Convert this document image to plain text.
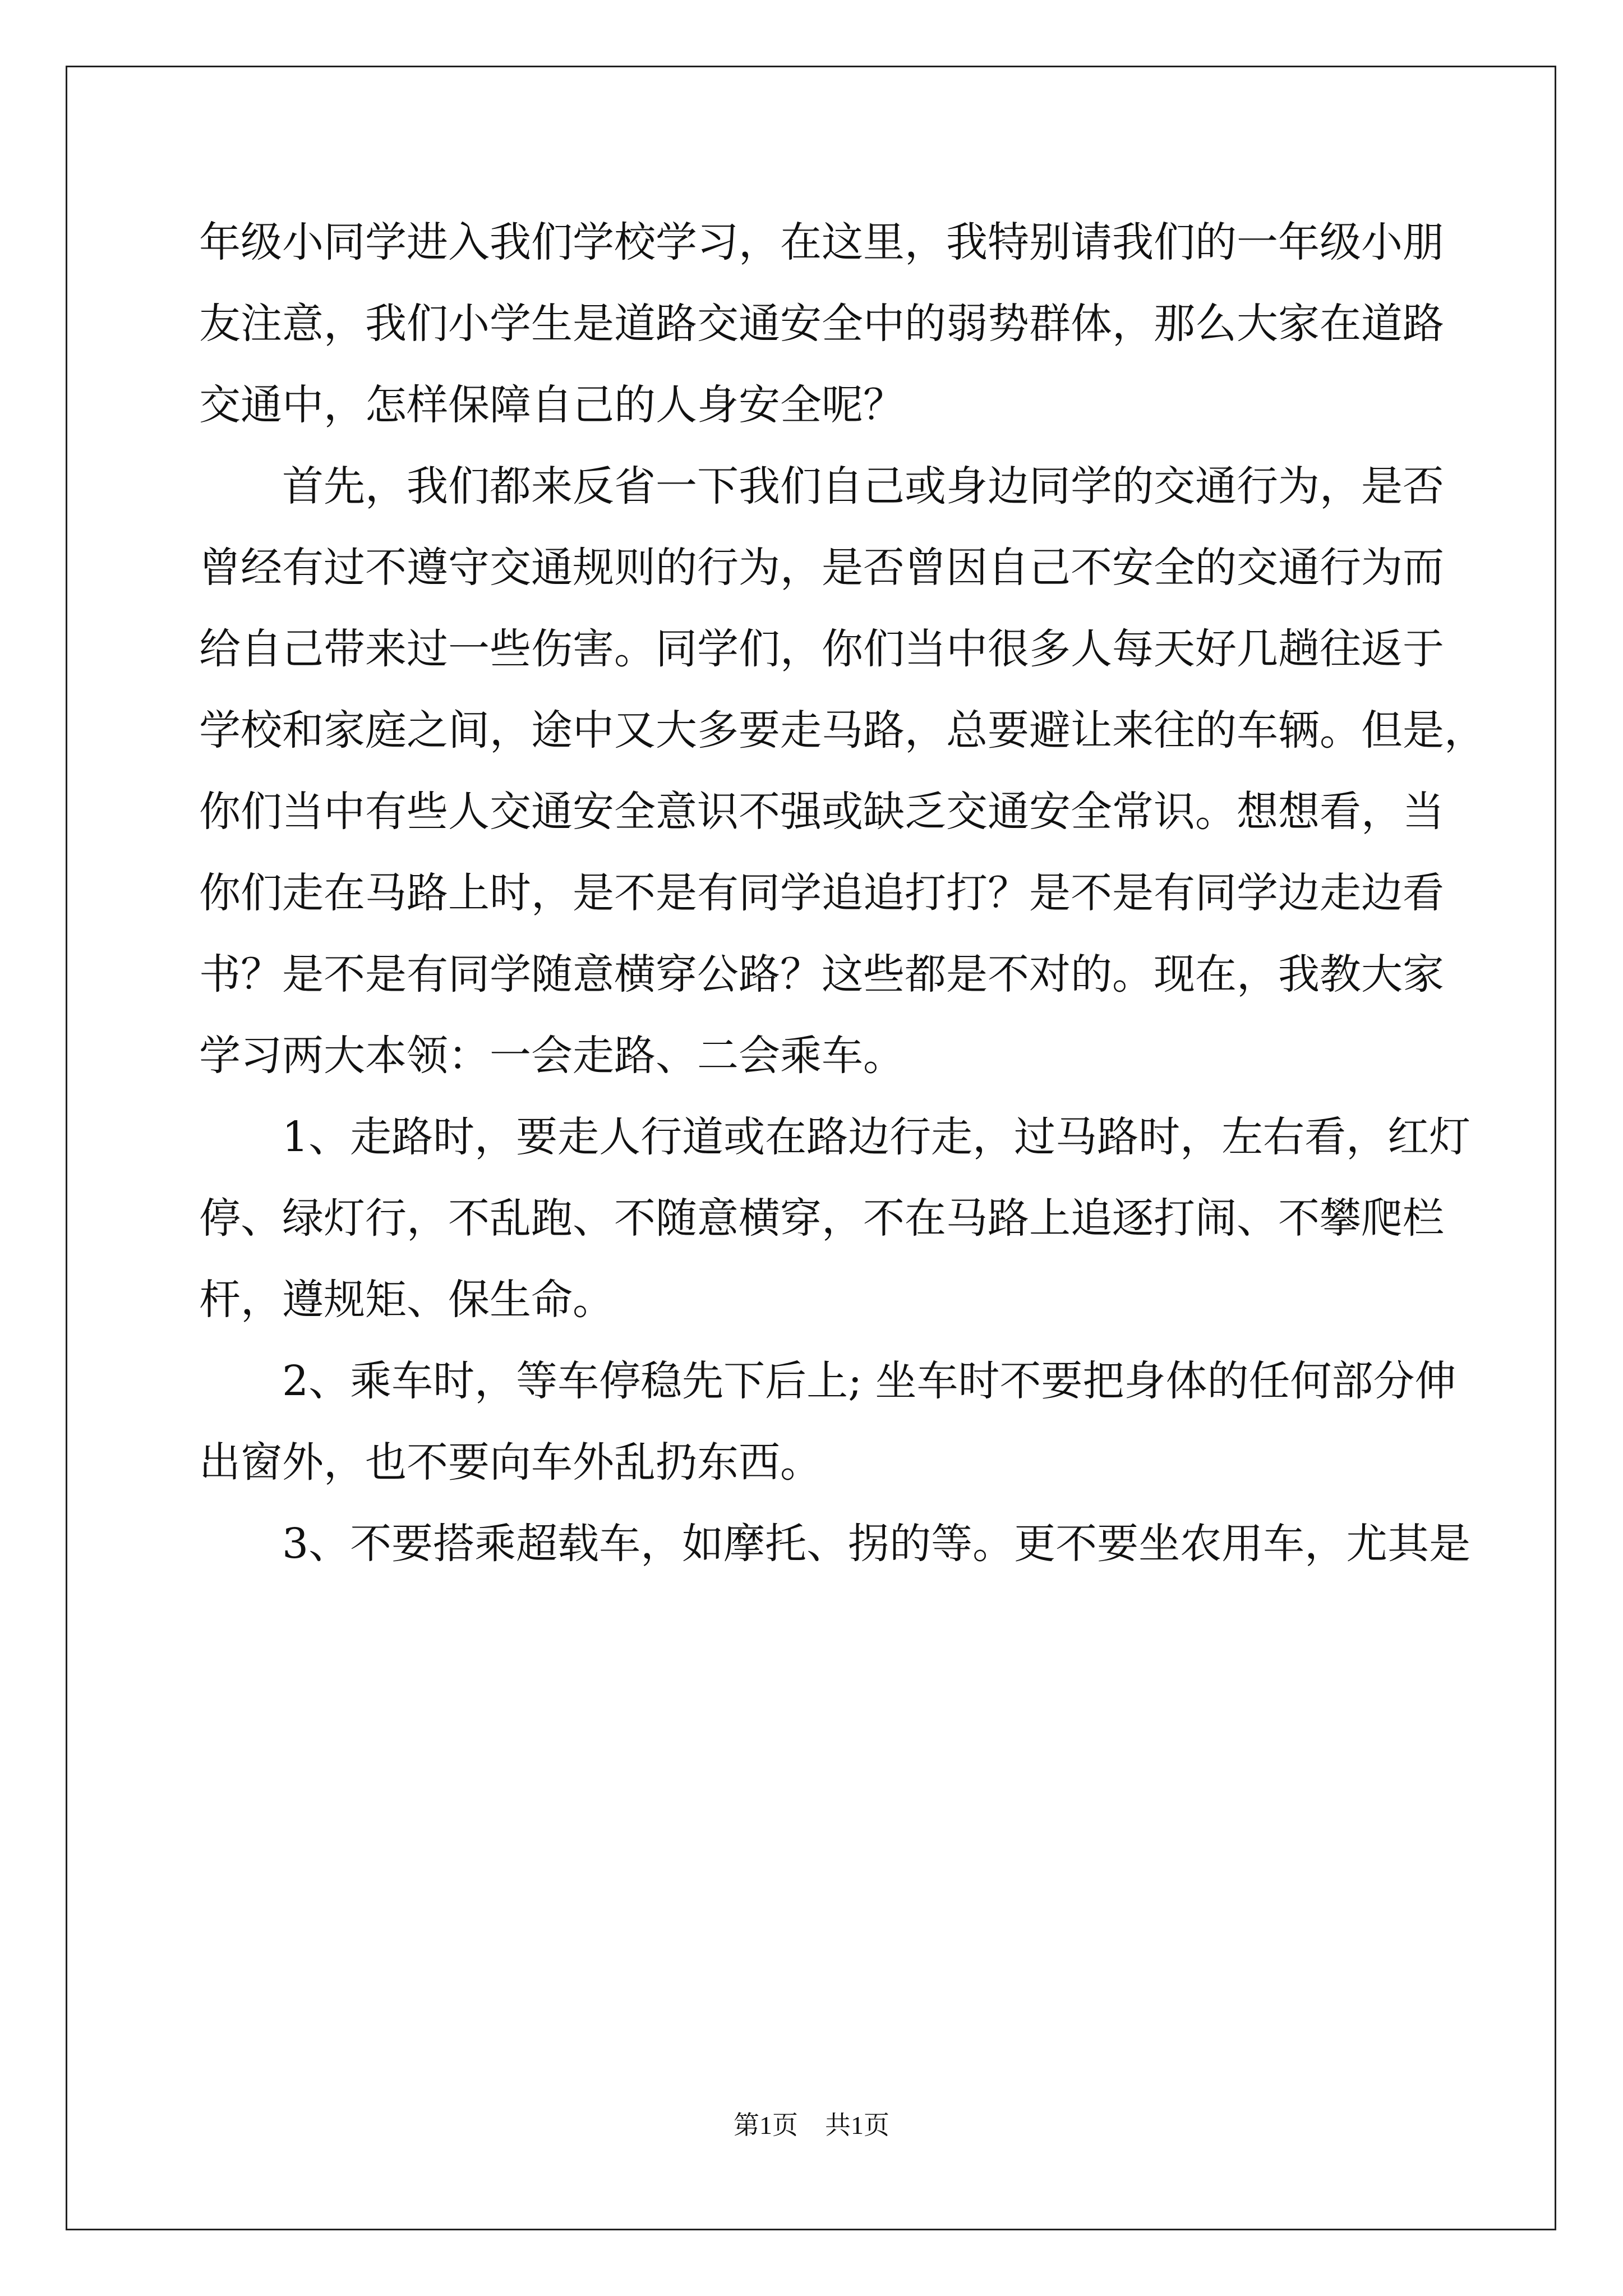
年级小同学进入我们学校学习，在这里，我特别请我们的一年级小朋
友注意，我们小学生是道路交通安全中的弱势群体，那么大家在道路
交通中，怎样保障自己的人身安全呢？
　　首先，我们都来反省一下我们自己或身边同学的交通行为，是否
曾经有过不遵守交通规则的行为，是否曾因自己不安全的交通行为而
给自己带来过一些伤害。同学们，你们当中很多人每天好几趟往返于
学校和家庭之间，途中又大多要走马路，总要避让来往的车辆。但是，
你们当中有些人交通安全意识不强或缺乏交通安全常识。想想看，当
你们走在马路上时，是不是有同学追追打打？是不是有同学边走边看
书？是不是有同学随意横穿公路？这些都是不对的。现在，我教大家
学习两大本领：一会走路、二会乘车。
　　1、走路时，要走人行道或在路边行走，过马路时，左右看，红灯
停、绿灯行，不乱跑、不随意横穿，不在马路上追逐打闹、不攀爬栏
杆，遵规矩、保生命。
　　2、乘车时，等车停稳先下后上; 坐车时不要把身体的任何部分伸
出窗外，也不要向车外乱扔东西。
　　3、不要搭乘超载车，如摩托、拐的等。更不要坐农用车，尤其是
第1页 共1页
